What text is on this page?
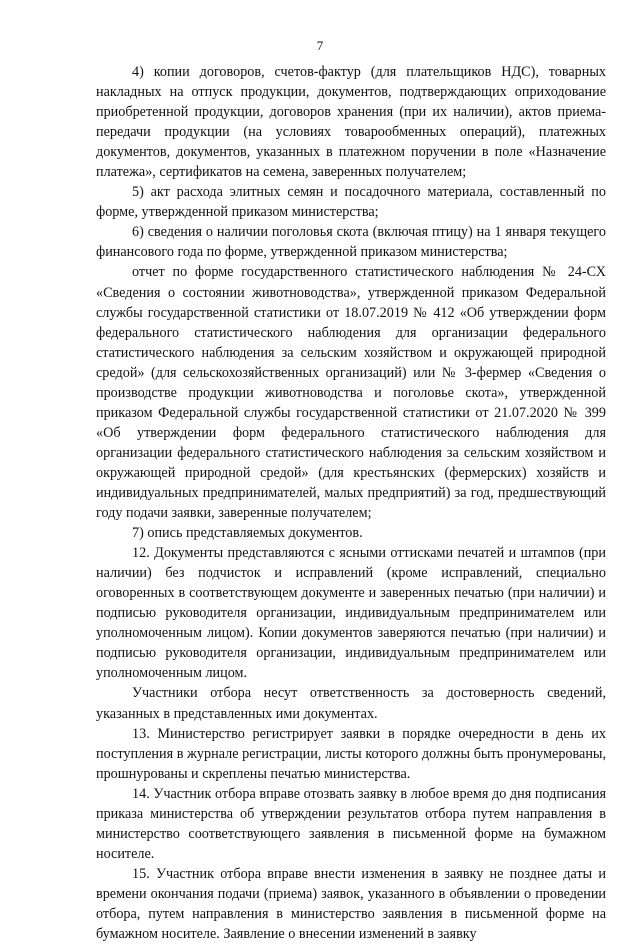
7

4) копии договоров, счетов-фактур (для плательщиков НДС), товарных накладных на отпуск продукции, документов, подтверждающих оприходование приобретенной продукции, договоров хранения (при их наличии), актов приема-передачи продукции (на условиях товарообменных операций), платежных документов, документов, указанных в платежном поручении в поле «Назначение платежа», сертификатов на семена, заверенных получателем;

5) акт расхода элитных семян и посадочного материала, составленный по форме, утвержденной приказом министерства;

6) сведения о наличии поголовья скота (включая птицу) на 1 января текущего финансового года по форме, утвержденной приказом министерства;

отчет по форме государственного статистического наблюдения № 24-СХ «Сведения о состоянии животноводства», утвержденной приказом Федеральной службы государственной статистики от 18.07.2019 № 412 «Об утверждении форм федерального статистического наблюдения для организации федерального статистического наблюдения за сельским хозяйством и окружающей природной средой» (для сельскохозяйственных организаций) или № 3-фермер «Сведения о производстве продукции животноводства и поголовье скота», утвержденной приказом Федеральной службы государственной статистики от 21.07.2020 № 399 «Об утверждении форм федерального статистического наблюдения для организации федерального статистического наблюдения за сельским хозяйством и окружающей природной средой» (для крестьянских (фермерских) хозяйств и индивидуальных предпринимателей, малых предприятий) за год, предшествующий году подачи заявки, заверенные получателем;

7) опись представляемых документов.

12. Документы представляются с ясными оттисками печатей и штампов (при наличии) без подчисток и исправлений (кроме исправлений, специально оговоренных в соответствующем документе и заверенных печатью (при наличии) и подписью руководителя организации, индивидуальным предпринимателем или уполномоченным лицом). Копии документов заверяются печатью (при наличии) и подписью руководителя организации, индивидуальным предпринимателем или уполномоченным лицом.

Участники отбора несут ответственность за достоверность сведений, указанных в представленных ими документах.

13. Министерство регистрирует заявки в порядке очередности в день их поступления в журнале регистрации, листы которого должны быть пронумерованы, прошнурованы и скреплены печатью министерства.

14. Участник отбора вправе отозвать заявку в любое время до дня подписания приказа министерства об утверждении результатов отбора путем направления в министерство соответствующего заявления в письменной форме на бумажном носителе.

15. Участник отбора вправе внести изменения в заявку не позднее даты и времени окончания подачи (приема) заявок, указанного в объявлении о проведении отбора, путем направления в министерство заявления в письменной форме на бумажном носителе. Заявление о внесении изменений в заявку
